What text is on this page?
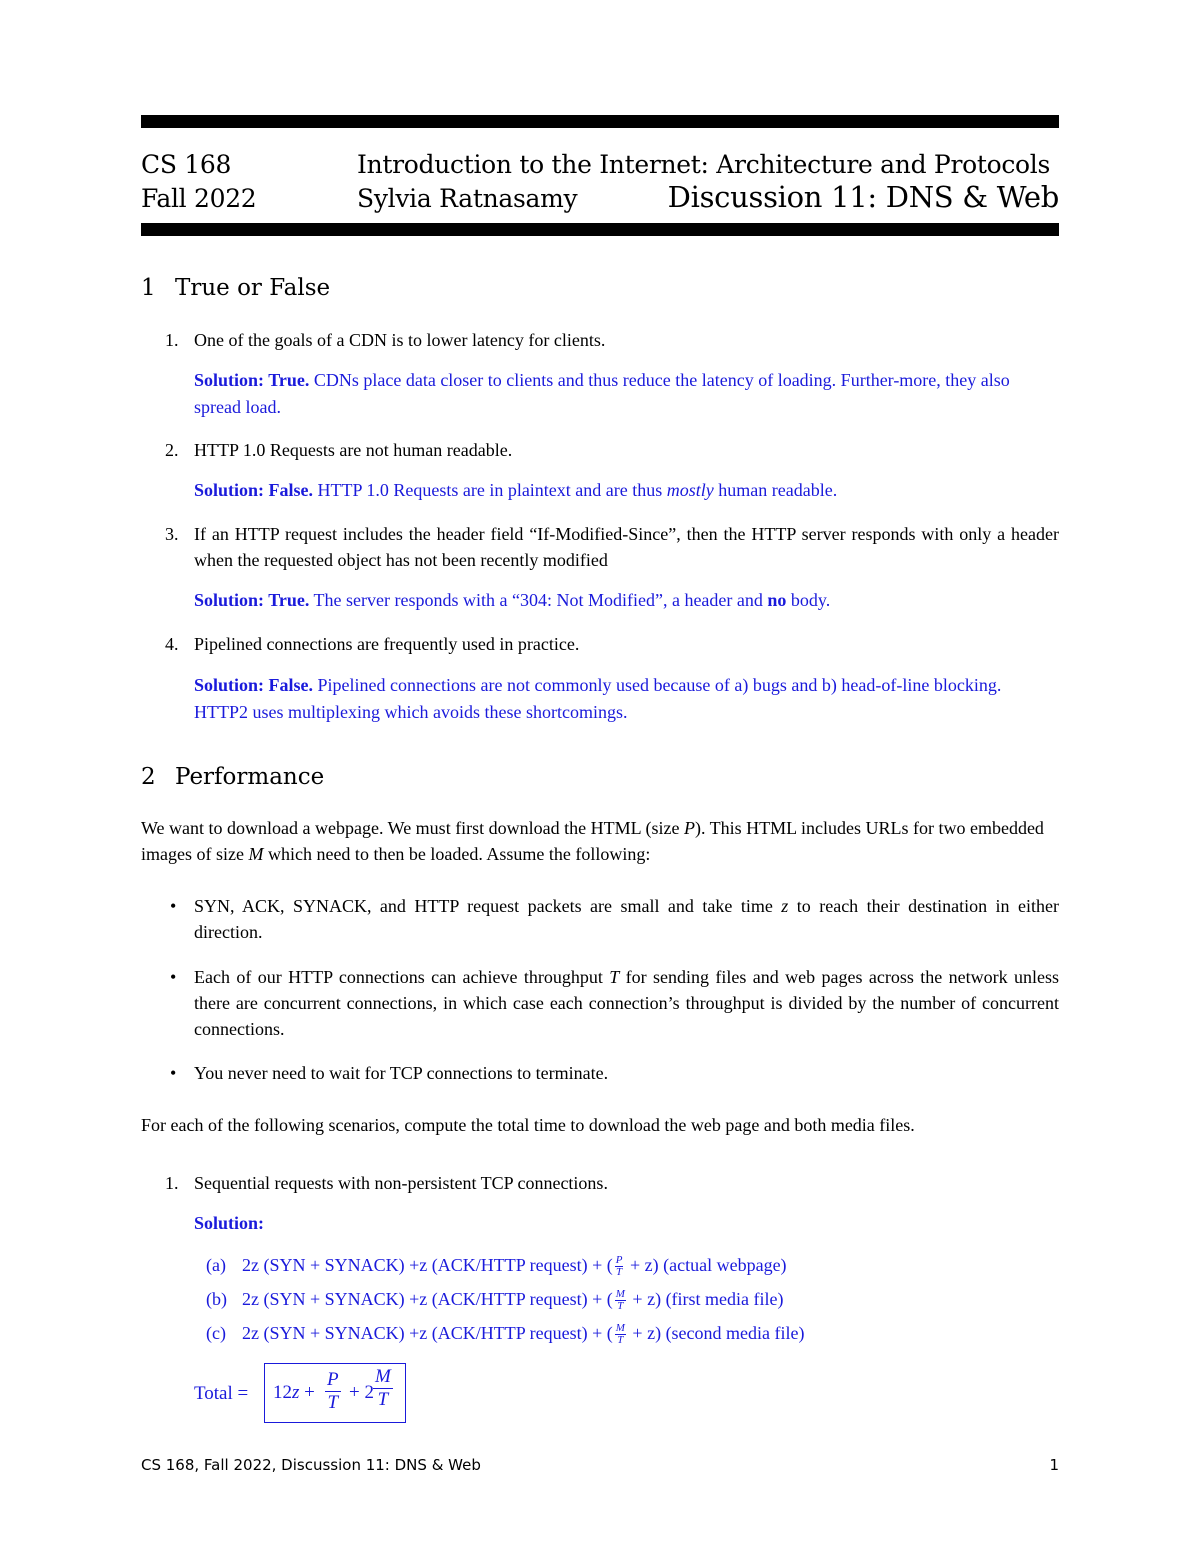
CS 168	Introduction to the Internet: Architecture and Protocols
Fall 2022	Sylvia Ratnasamy	Discussion 11: DNS & Web
1 True or False
1. One of the goals of a CDN is to lower latency for clients.
Solution: True. CDNs place data closer to clients and thus reduce the latency of loading. Further-more, they also spread load.
2. HTTP 1.0 Requests are not human readable.
Solution: False. HTTP 1.0 Requests are in plaintext and are thus mostly human readable.
3. If an HTTP request includes the header field “If-Modified-Since”, then the HTTP server responds with only a header when the requested object has not been recently modified
Solution: True. The server responds with a “304: Not Modified”, a header and no body.
4. Pipelined connections are frequently used in practice.
Solution: False. Pipelined connections are not commonly used because of a) bugs and b) head-of-line blocking. HTTP2 uses multiplexing which avoids these shortcomings.
2 Performance
We want to download a webpage. We must first download the HTML (size P). This HTML includes URLs for two embedded images of size M which need to then be loaded. Assume the following:
• SYN, ACK, SYNACK, and HTTP request packets are small and take time z to reach their destination in either direction.
• Each of our HTTP connections can achieve throughput T for sending files and web pages across the network unless there are concurrent connections, in which case each connection’s throughput is divided by the number of concurrent connections.
• You never need to wait for TCP connections to terminate.
For each of the following scenarios, compute the total time to download the web page and both media files.
1. Sequential requests with non-persistent TCP connections.
Solution:
(a) 2z (SYN + SYNACK) +z (ACK/HTTP request) + ( $\frac{P}{T} + z$) (actual webpage)
(b) 2z (SYN + SYNACK) +z (ACK/HTTP request) + ( $\frac{M}{T} + z$) (first media file)
(c) 2z (SYN + SYNACK) +z (ACK/HTTP request) + ( $\frac{M}{T} + z$) (second media file)
Total = 12z +
P
T + 2
M
T
CS 168, Fall 2022, Discussion 11: DNS & Web	1
